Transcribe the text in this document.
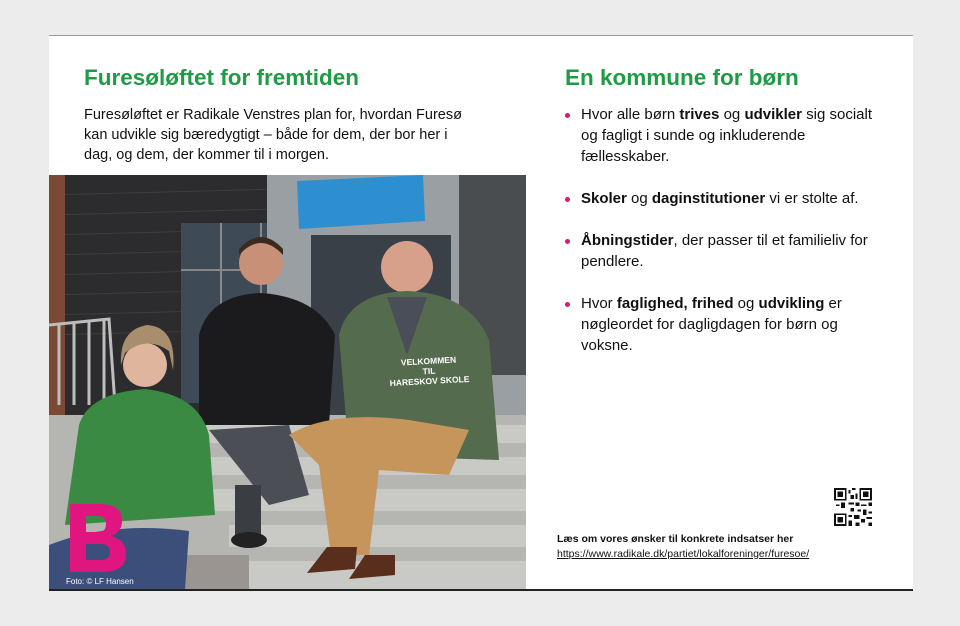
Furesøløftet for fremtiden

Furesøløftet er Radikale Venstres plan for, hvordan Furesø kan udvikle sig bæredygtigt – både for dem, der bor her i dag, og dem, der kommer til i morgen.

VELKOMMEN
TIL
HARESKOV SKOLE
Foto: © LF Hansen
En kommune for børn
Hvor alle børn trives og udvikler sig socialt og fagligt i sunde og inkluderende fællesskaber.
Skoler og daginstitutioner vi er stolte af.
Åbningstider, der passer til et familieliv for pendlere.
Hvor faglighed, frihed og udvikling er nøgleordet for dagligdagen for børn og voksne.
Læs om vores ønsker til konkrete indsatser her
https://www.radikale.dk/partiet/lokalforeninger/furesoe/
